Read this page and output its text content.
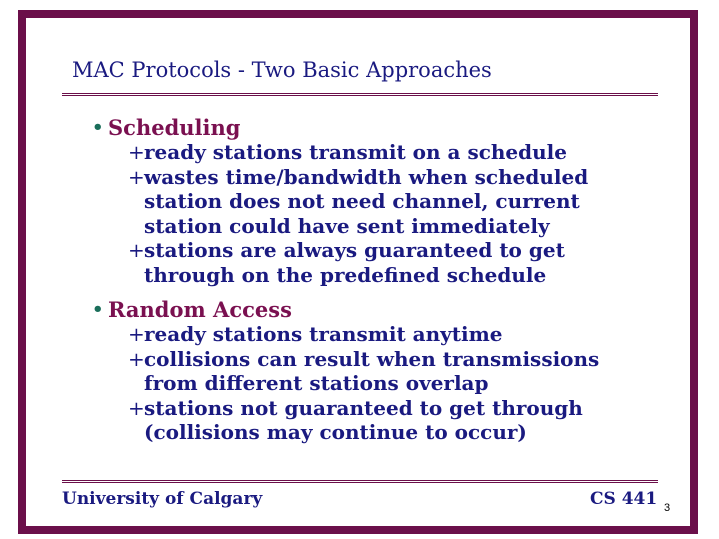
MAC Protocols - Two Basic Approaches
• Scheduling
+ ready stations transmit on a schedule
+ wastes time/bandwidth when scheduled station does not need channel, current station could have sent immediately
+ stations are always guaranteed to get through on the predefined schedule
• Random Access
+ ready stations transmit anytime
+ collisions can result when transmissions from different stations overlap
+ stations not guaranteed to get through (collisions may continue to occur)
University of Calgary	CS 441 3
